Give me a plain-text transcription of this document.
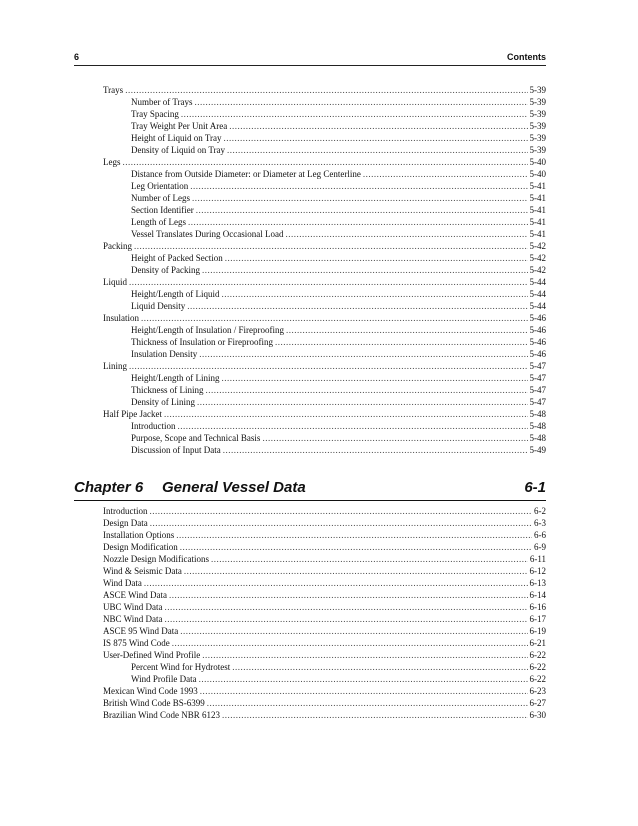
6	Contents
Trays .....	5-39
Number of Trays .....	5-39
Tray Spacing .....	5-39
Tray Weight Per Unit Area .....	5-39
Height of Liquid on Tray .....	5-39
Density of Liquid on Tray .....	5-39
Legs .....	5-40
Distance from Outside Diameter: or Diameter at Leg Centerline .....	5-40
Leg Orientation .....	5-41
Number of Legs .....	5-41
Section Identifier .....	5-41
Length of Legs .....	5-41
Vessel Translates During Occasional Load .....	5-41
Packing .....	5-42
Height of Packed Section .....	5-42
Density of Packing .....	5-42
Liquid .....	5-44
Height/Length of Liquid .....	5-44
Liquid Density .....	5-44
Insulation .....	5-46
Height/Length of Insulation / Fireproofing .....	5-46
Thickness of Insulation or Fireproofing .....	5-46
Insulation Density .....	5-46
Lining .....	5-47
Height/Length of Lining .....	5-47
Thickness of Lining .....	5-47
Density of Lining .....	5-47
Half Pipe Jacket .....	5-48
Introduction .....	5-48
Purpose, Scope and Technical Basis .....	5-48
Discussion of Input Data .....	5-49
Chapter 6 General Vessel Data	6-1
Introduction .....	6-2
Design Data .....	6-3
Installation Options .....	6-6
Design Modification .....	6-9
Nozzle Design Modifications .....	6-11
Wind & Seismic Data .....	6-12
Wind Data .....	6-13
ASCE Wind Data .....	6-14
UBC Wind Data .....	6-16
NBC Wind Data .....	6-17
ASCE 95 Wind Data .....	6-19
IS 875 Wind Code .....	6-21
User-Defined Wind Profile .....	6-22
Percent Wind for Hydrotest .....	6-22
Wind Profile Data .....	6-22
Mexican Wind Code 1993 .....	6-23
British Wind Code BS-6399 .....	6-27
Brazilian Wind Code NBR 6123 .....	6-30
